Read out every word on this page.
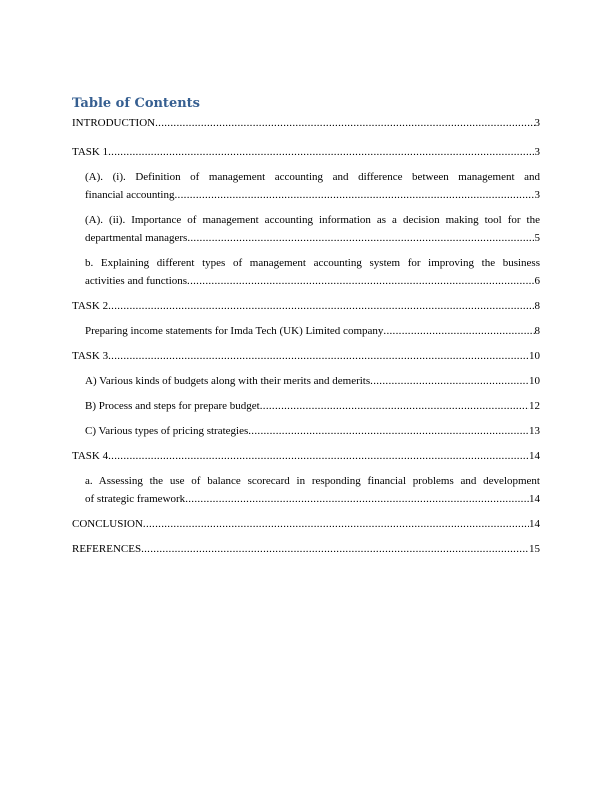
Table of Contents
INTRODUCTION .....	3
TASK 1 .....	3
(A). (i). Definition of management accounting and difference between management and
financial accounting .....	3
(A). (ii). Importance of management accounting information as a decision making tool for the
departmental managers .....	5
b. Explaining different types of management accounting system for improving the business
activities and functions .....	6
TASK 2 .....	8
Preparing income statements for Imda Tech (UK) Limited company .....	8
TASK 3 .....	10
A) Various kinds of budgets along with their merits and demerits .....	10
B) Process and steps for prepare budget .....	12
C) Various types of pricing strategies .....	13
TASK 4 .....	14
a. Assessing the use of balance scorecard in responding financial problems and development
of strategic framework .....	14
CONCLUSION .....	14
REFERENCES .....	15
